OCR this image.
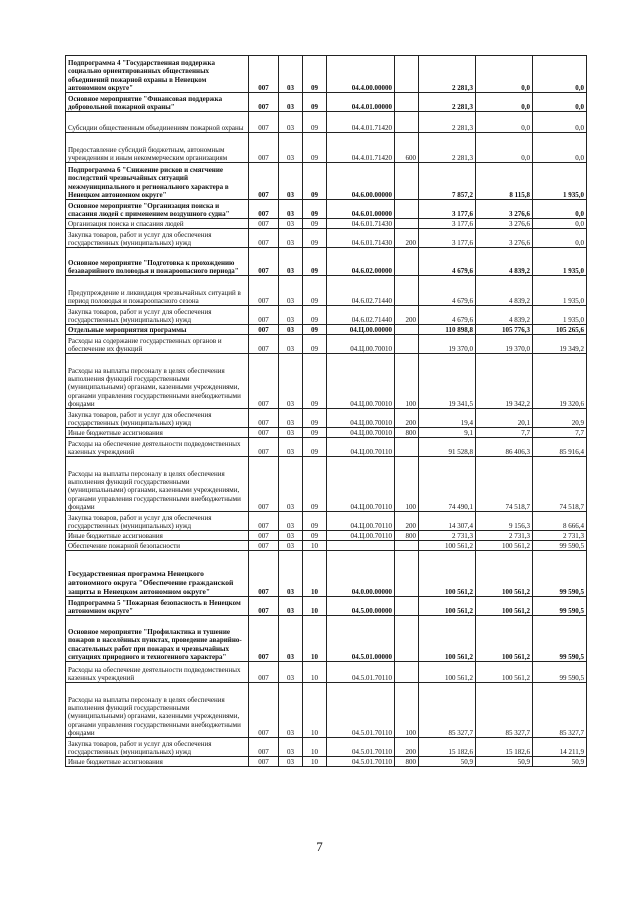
Подпрограмма 4 "Государственная поддержка социально ориентированных общественных объединений пожарной охраны в Ненецком автономном округе"	007	03	09	04.4.00.00000		2 281,3	0,0	0,0
Основное мероприятие "Финансовая поддержка добровольной пожарной охраны"	007	03	09	04.4.01.00000		2 281,3	0,0	0,0
Субсидии общественным объединениям пожарной охраны	007	03	09	04.4.01.71420		2 281,3	0,0	0,0
Предоставление субсидий бюджетным, автономным учреждениям и иным некоммерческим организациям	007	03	09	04.4.01.71420	600	2 281,3	0,0	0,0
Подпрограмма 6 "Снижение рисков и смягчение последствий чрезвычайных ситуаций межмуниципального и регионального характера в Ненецком автономном округе"	007	03	09	04.6.00.00000		7 857,2	8 115,8	1 935,0
Основное мероприятие "Организация поиска и спасания людей с применением воздушного судна"	007	03	09	04.6.01.00000		3 177,6	3 276,6	0,0
Организация поиска и спасания людей	007	03	09	04.6.01.71430		3 177,6	3 276,6	0,0
Закупка товаров, работ и услуг для обеспечения государственных (муниципальных) нужд	007	03	09	04.6.01.71430	200	3 177,6	3 276,6	0,0
Основное мероприятие "Подготовка к прохождению безаварийного половодья и пожароопасного периода"	007	03	09	04.6.02.00000		4 679,6	4 839,2	1 935,0
Предупреждение и ликвидация чрезвычайных ситуаций в период половодья и пожароопасного сезона	007	03	09	04.6.02.71440		4 679,6	4 839,2	1 935,0
Закупка товаров, работ и услуг для обеспечения государственных (муниципальных) нужд	007	03	09	04.6.02.71440	200	4 679,6	4 839,2	1 935,0
Отдельные мероприятия программы	007	03	09	04.Ц.00.00000		110 898,8	105 776,3	105 265,6
Расходы на содержание государственных органов и обеспечение их функций	007	03	09	04.Ц.00.70010		19 370,0	19 370,0	19 349,2
Расходы на выплаты персоналу в целях обеспечения выполнения функций государственными (муниципальными) органами, казенными учреждениями, органами управления государственными внебюджетными фондами	007	03	09	04.Ц.00.70010	100	19 341,5	19 342,2	19 320,6
Закупка товаров, работ и услуг для обеспечения государственных (муниципальных) нужд	007	03	09	04.Ц.00.70010	200	19,4	20,1	20,9
Иные бюджетные ассигнования	007	03	09	04.Ц.00.70010	800	9,1	7,7	7,7
Расходы на обеспечение деятельности подведомственных казенных учреждений	007	03	09	04.Ц.00.70110		91 528,8	86 406,3	85 916,4
Расходы на выплаты персоналу в целях обеспечения выполнения функций государственными (муниципальными) органами, казенными учреждениями, органами управления государственными внебюджетными фондами	007	03	09	04.Ц.00.70110	100	74 490,1	74 518,7	74 518,7
Закупка товаров, работ и услуг для обеспечения государственных (муниципальных) нужд	007	03	09	04.Ц.00.70110	200	14 307,4	9 156,3	8 666,4
Иные бюджетные ассигнования	007	03	09	04.Ц.00.70110	800	2 731,3	2 731,3	2 731,3
Обеспечение пожарной безопасности	007	03	10			100 561,2	100 561,2	99 590,5
Государственная программа Ненецкого автономного округа "Обеспечение гражданской защиты в Ненецком автономном округе"	007	03	10	04.0.00.00000		100 561,2	100 561,2	99 590,5
Подпрограмма 5 "Пожарная безопасность в Ненецком автономном округе"	007	03	10	04.5.00.00000		100 561,2	100 561,2	99 590,5
Основное мероприятие "Профилактика и тушение пожаров в населённых пунктах, проведение аварийно-спасательных работ при пожарах и чрезвычайных ситуациях природного и техногенного характера"	007	03	10	04.5.01.00000		100 561,2	100 561,2	99 590,5
Расходы на обеспечение деятельности подведомственных казенных учреждений	007	03	10	04.5.01.70110		100 561,2	100 561,2	99 590,5
Расходы на выплаты персоналу в целях обеспечения выполнения функций государственными (муниципальными) органами, казенными учреждениями, органами управления государственными внебюджетными фондами	007	03	10	04.5.01.70110	100	85 327,7	85 327,7	85 327,7
Закупка товаров, работ и услуг для обеспечения государственных (муниципальных) нужд	007	03	10	04.5.01.70110	200	15 182,6	15 182,6	14 211,9
Иные бюджетные ассигнования	007	03	10	04.5.01.70110	800	50,9	50,9	50,9
7
